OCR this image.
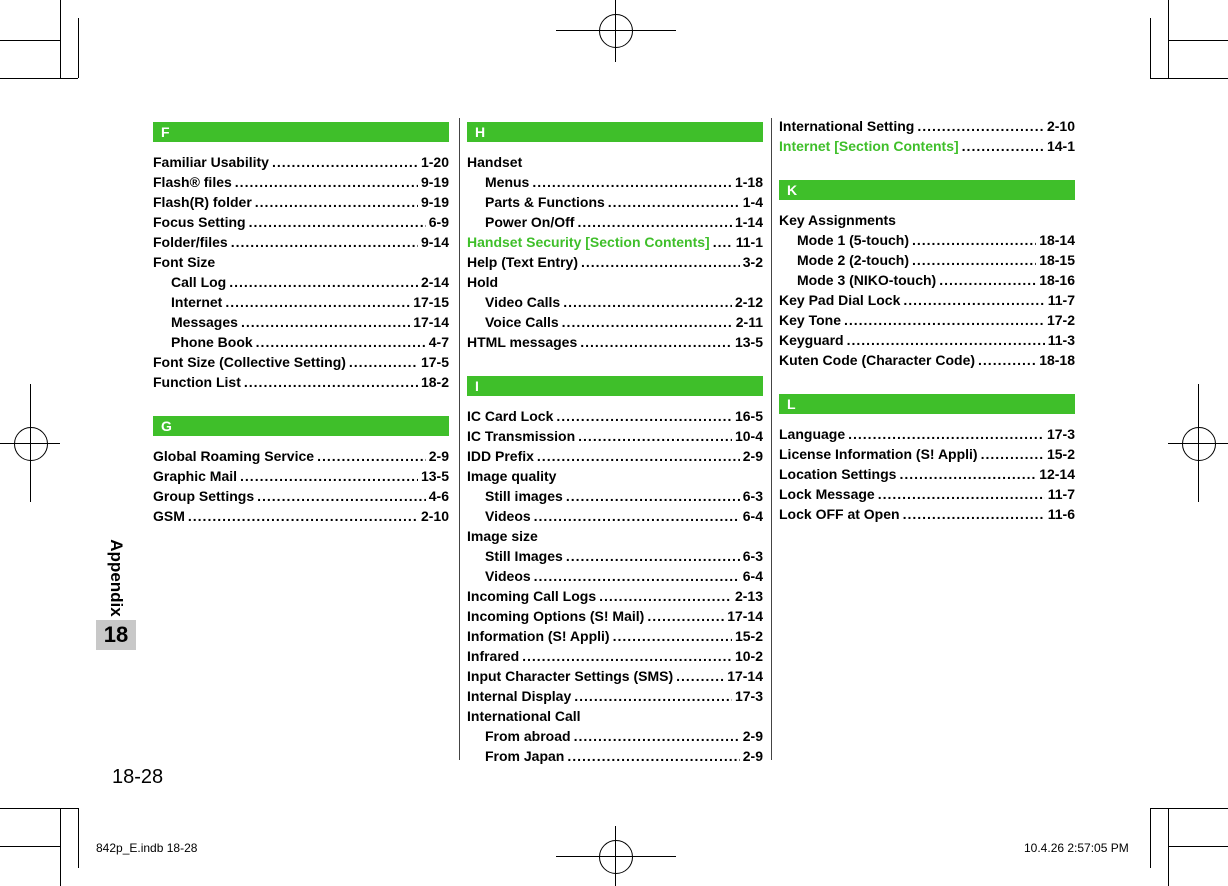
Appendix
18
F
Familiar Usability .....	1-20
Flash® files .....	9-19
Flash(R) folder .....	9-19
Focus Setting .....	6-9
Folder/files .....	9-14
Font Size
Call Log .....	2-14
Internet .....	17-15
Messages .....	17-14
Phone Book .....	4-7
Font Size (Collective Setting) .....	17-5
Function List .....	18-2
G
Global Roaming Service .....	2-9
Graphic Mail .....	13-5
Group Settings .....	4-6
GSM .....	2-10
H
Handset
Menus .....	1-18
Parts & Functions .....	1-4
Power On/Off .....	1-14
Handset Security [Section Contents] ..... 11-1
Help (Text Entry) .....	3-2
Hold
Video Calls .....	2-12
Voice Calls .....	2-11
HTML messages .....	13-5
I
IC Card Lock .....	16-5
IC Transmission .....	10-4
IDD Prefix .....	2-9
Image quality
Still images .....	6-3
Videos .....	6-4
Image size
Still Images .....	6-3
Videos .....	6-4
Incoming Call Logs .....	2-13
Incoming Options (S! Mail) .....	17-14
Information (S! Appli) .....	15-2
Infrared .....	10-2
Input Character Settings (SMS) .....	17-14
Internal Display .....	17-3
International Call
From abroad .....	2-9
From Japan .....	2-9
International Setting .....	2-10
Internet [Section Contents] .....	14-1
K
Key Assignments
Mode 1 (5-touch) .....	18-14
Mode 2 (2-touch) .....	18-15
Mode 3 (NIKO-touch) .....	18-16
Key Pad Dial Lock .....	11-7
Key Tone .....	17-2
Keyguard .....	11-3
Kuten Code (Character Code) .....	18-18
L
Language .....	17-3
License Information (S! Appli) .....	15-2
Location Settings .....	12-14
Lock Message .....	11-7
Lock OFF at Open .....	11-6
18-28
842p_E.indb 18-28	10.4.26 2:57:05 PM
